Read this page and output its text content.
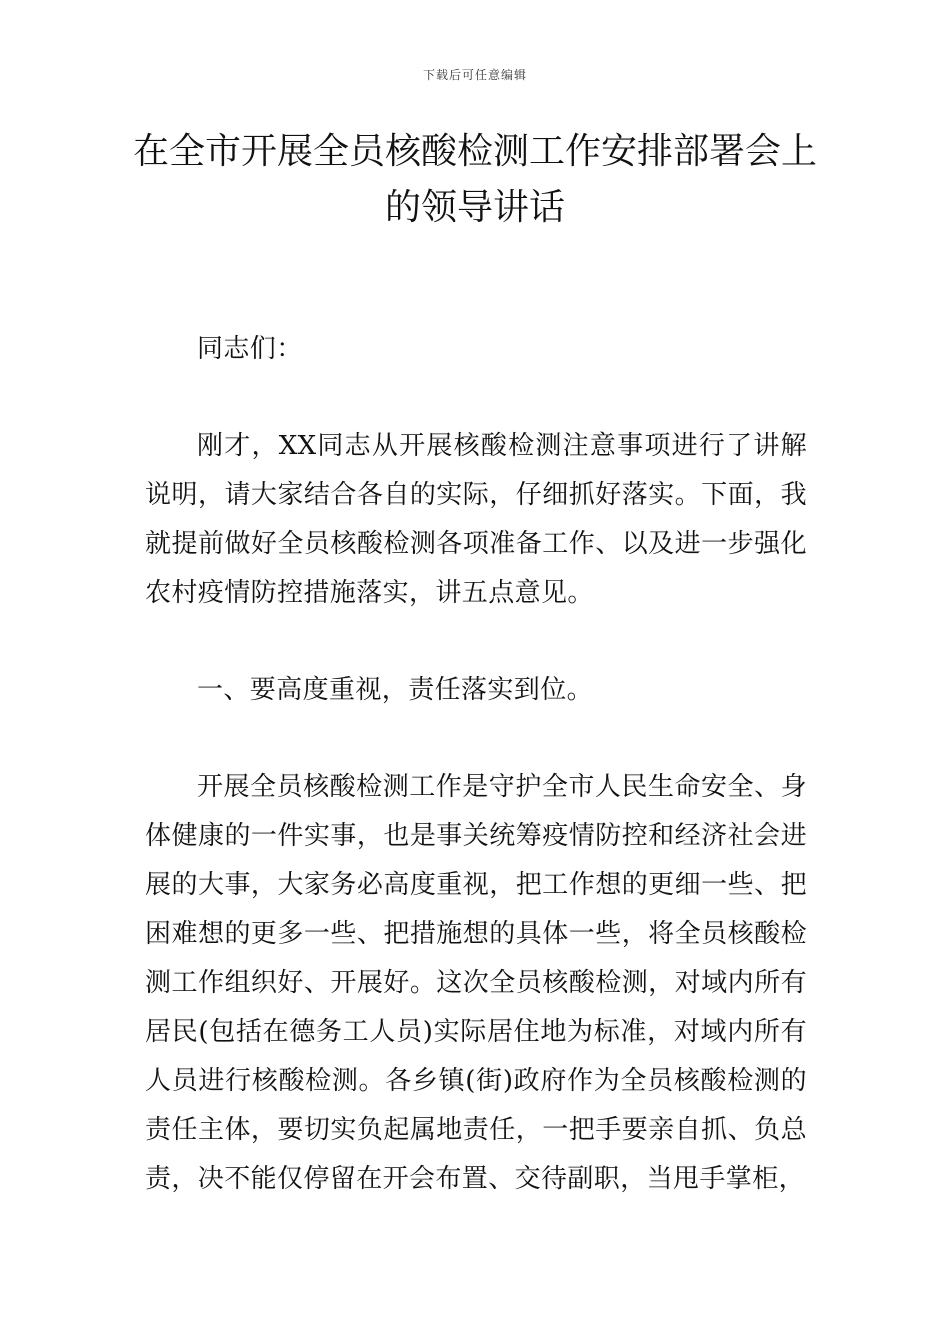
下载后可任意编辑
在全市开展全员核酸检测工作安排部署会上的领导讲话

同志们：

刚才，XX同志从开展核酸检测注意事项进行了讲解说明，请大家结合各自的实际，仔细抓好落实。下面，我就提前做好全员核酸检测各项准备工作、以及进一步强化农村疫情防控措施落实，讲五点意见。

一、要高度重视，责任落实到位。

开展全员核酸检测工作是守护全市人民生命安全、身体健康的一件实事，也是事关统筹疫情防控和经济社会进展的大事，大家务必高度重视，把工作想的更细一些、把困难想的更多一些、把措施想的具体一些，将全员核酸检测工作组织好、开展好。这次全员核酸检测，对域内所有居民(包括在德务工人员)实际居住地为标准，对域内所有人员进行核酸检测。各乡镇(街)政府作为全员核酸检测的责任主体，要切实负起属地责任，一把手要亲自抓、负总责，决不能仅停留在开会布置、交待副职，当甩手掌柜，
